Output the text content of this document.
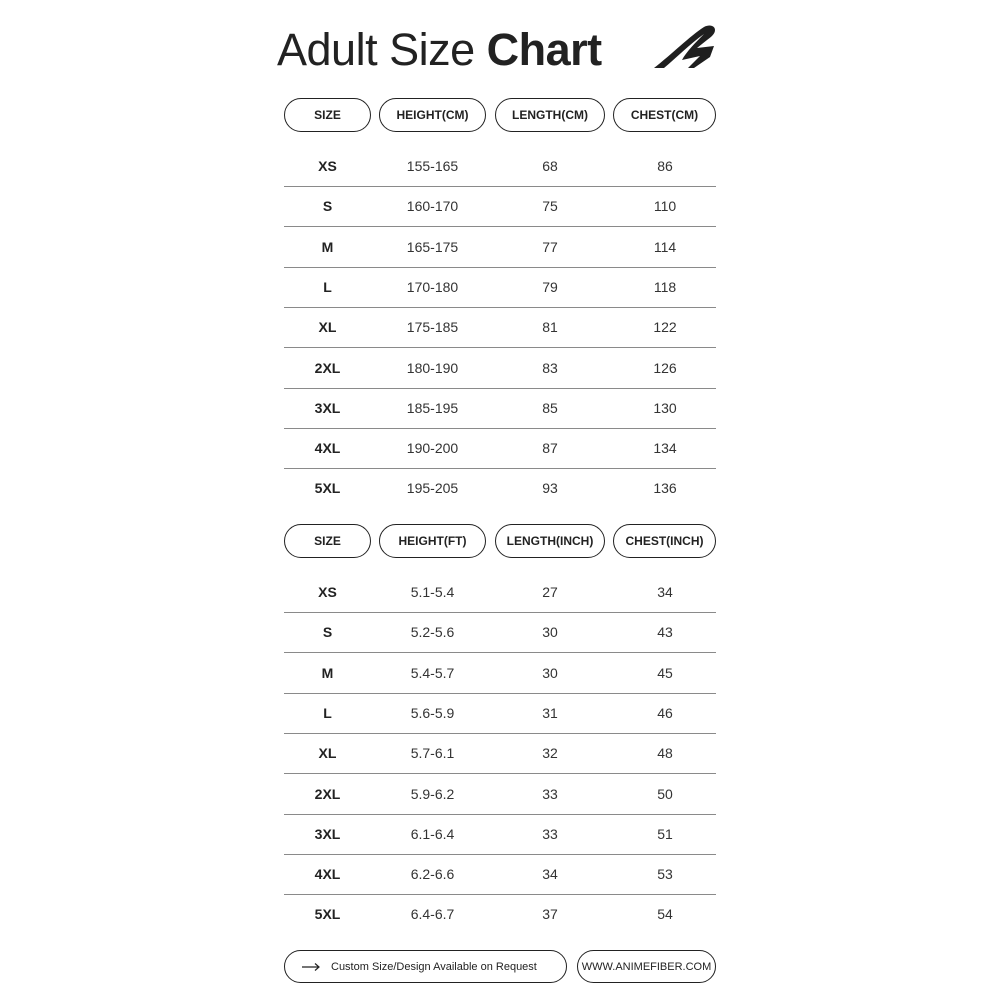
Adult Size Chart
SIZE	HEIGHT(CM)	LENGTH(CM)	CHEST(CM)
XS	155-165	68	86
S	160-170	75	110
M	165-175	77	114
L	170-180	79	118
XL	175-185	81	122
2XL	180-190	83	126
3XL	185-195	85	130
4XL	190-200	87	134
5XL	195-205	93	136
SIZE	HEIGHT(FT)	LENGTH(INCH)	CHEST(INCH)
XS	5.1-5.4	27	34
S	5.2-5.6	30	43
M	5.4-5.7	30	45
L	5.6-5.9	31	46
XL	5.7-6.1	32	48
2XL	5.9-6.2	33	50
3XL	6.1-6.4	33	51
4XL	6.2-6.6	34	53
5XL	6.4-6.7	37	54
Custom Size/Design Available on Request	WWW.ANIMEFIBER.COM
